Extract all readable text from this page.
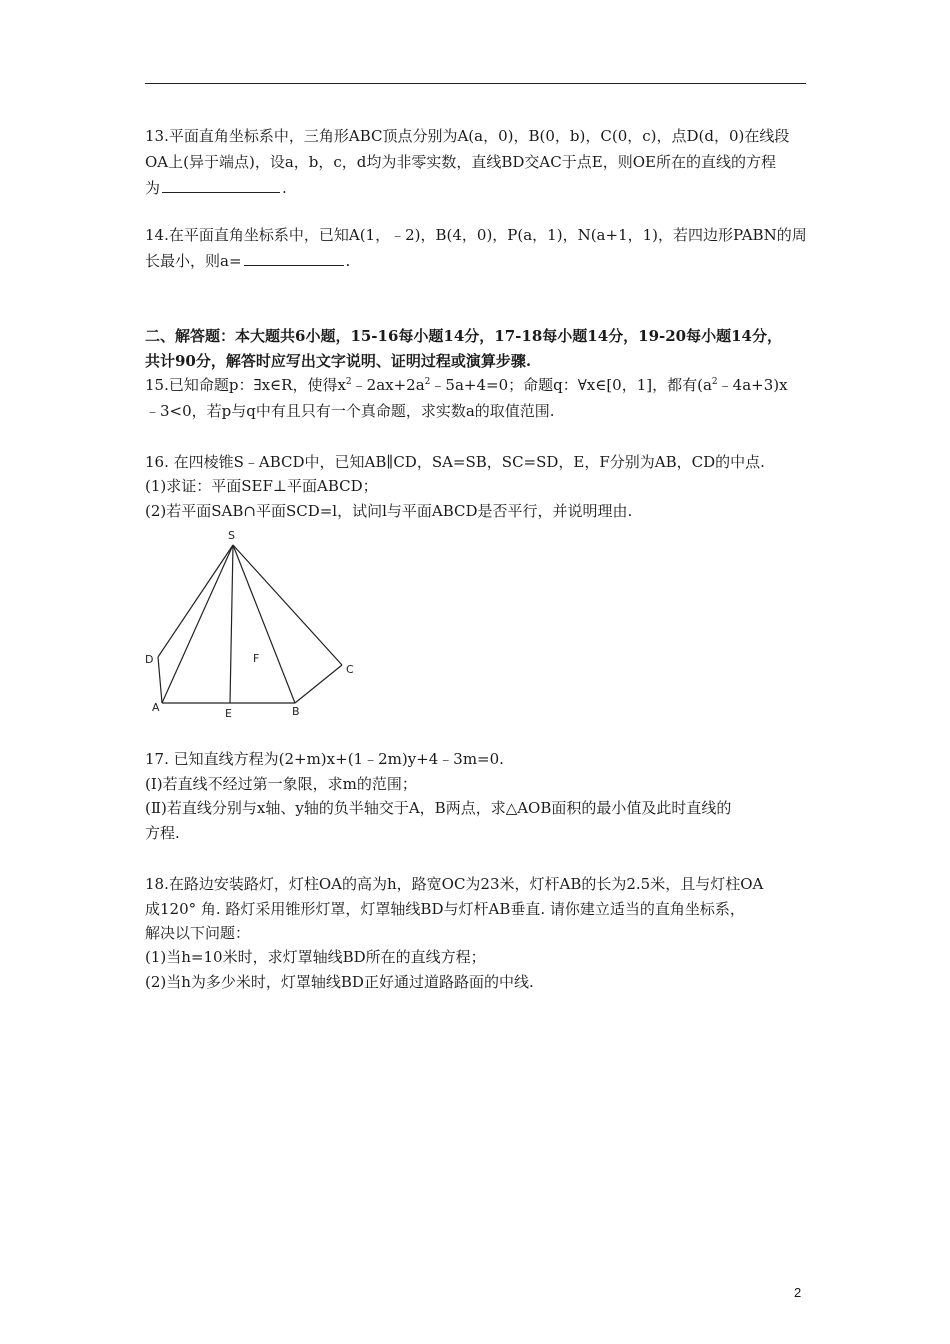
13.平面直角坐标系中，三角形ABC顶点分别为A(a，0)，B(0，b)，C(0，c)，点D(d，0)在线段
OA上(异于端点)，设a，b，c，d均为非零实数，直线BD交AC于点E，则OE所在的直线的方程
为	.
14.在平面直角坐标系中，已知A(1，﹣2)，B(4，0)，P(a，1)，N(a+1，1)，若四边形PABN的周
长最小，则a=	.
二、解答题：本大题共6小题，15-16每小题14分，17-18每小题14分，19-20每小题14分，
共计90分，解答时应写出文字说明、证明过程或演算步骤.
15.已知命题p：∃x∈R，使得$x^2﹣2ax+2a^2﹣5a+4=0$；命题q：∀x∈[0，1]，都有$(a^2﹣4a+3)x$
﹣3<0，若p与q中有且只有一个真命题，求实数a的取值范围.
16. 在四棱锥S﹣ABCD中，已知AB∥CD，SA=SB，SC=SD，E，F分别为AB，CD的中点.
(1)求证：平面SEF⊥平面ABCD；
(2)若平面SAB∩平面SCD=l，试问l与平面ABCD是否平行，并说明理由.
S
D	F
C
A	E	B
17. 已知直线方程为(2+m)x+(1﹣2m)y+4﹣3m=0.
(Ⅰ)若直线不经过第一象限，求m的范围；
(Ⅱ)若直线分别与x轴、y轴的负半轴交于A，B两点，求△AOB面积的最小值及此时直线的
方程.
18.在路边安装路灯，灯柱OA的高为h，路宽OC为23米，灯杆AB的长为2.5米，且与灯柱OA
成120° 角. 路灯采用锥形灯罩，灯罩轴线BD与灯杆AB垂直. 请你建立适当的直角坐标系，
解决以下问题：
(1)当h=10米时，求灯罩轴线BD所在的直线方程；
(2)当h为多少米时，灯罩轴线BD正好通过道路路面的中线.
2
